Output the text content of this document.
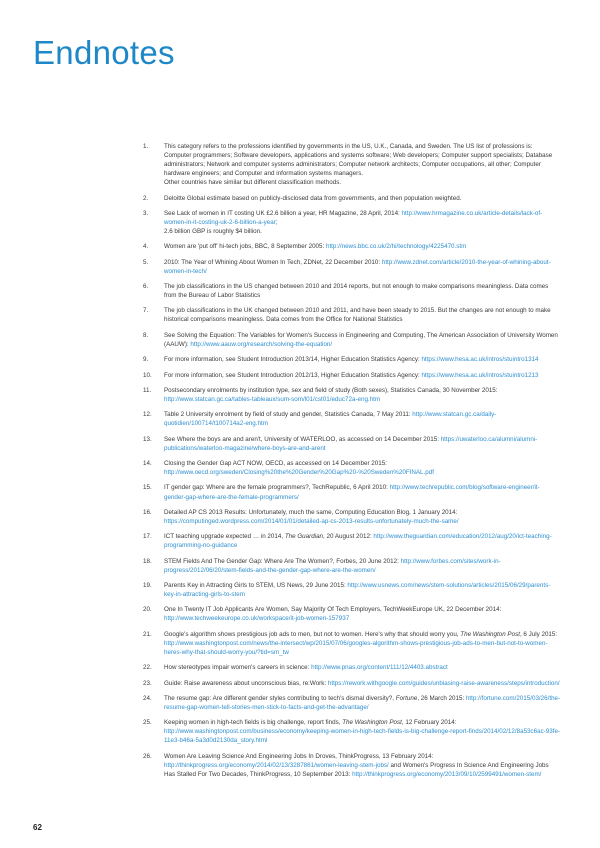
Endnotes
1.	This category refers to the professions identified by governments in the US, U.K., Canada, and Sweden. The US list of professions is: Computer programmers; Software developers, applications and systems software; Web developers; Computer support specialists; Database administrators; Network and computer systems administrators; Computer network architects; Computer occupations, all other; Computer hardware engineers; and Computer and information systems managers.
Other countries have similar but different classification methods.
2.	Deloitte Global estimate based on publicly-disclosed data from governments, and then population weighted.
3.	See Lack of women in IT costing UK £2.6 billion a year, HR Magazine, 28 April, 2014: http://www.hrmagazine.co.uk/article-details/lack-of-women-in-it-costing-uk-2-6-billion-a-year;
2.6 billion GBP is roughly $4 billion.
4.	Women are 'put off' hi-tech jobs, BBC, 8 September 2005: http://news.bbc.co.uk/2/hi/technology/4225470.stm
5.	2010: The Year of Whining About Women In Tech, ZDNet, 22 December 2010: http://www.zdnet.com/article/2010-the-year-of-whining-about-women-in-tech/
6.	The job classifications in the US changed between 2010 and 2014 reports, but not enough to make comparisons meaningless. Data comes from the Bureau of Labor Statistics
7.	The job classifications in the UK changed between 2010 and 2011, and have been steady to 2015. But the changes are not enough to make historical comparisons meaningless. Data comes from the Office for National Statistics
8.	See Solving the Equation: The Variables for Women's Success in Engineering and Computing, The American Association of University Women (AAUW): http://www.aauw.org/research/solving-the-equation/
9.	For more information, see Student Introduction 2013/14, Higher Education Statistics Agency: https://www.hesa.ac.uk/intros/stuintro1314
10.	For more information, see Student Introduction 2012/13, Higher Education Statistics Agency: https://www.hesa.ac.uk/intros/stuintro1213
11.	Postsecondary enrolments by institution type, sex and field of study (Both sexes), Statistics Canada, 30 November 2015: http://www.statcan.gc.ca/tables-tableaux/sum-som/l01/cst01/educ72a-eng.htm
12.	Table 2 University enrolment by field of study and gender, Statistics Canada, 7 May 2011: http://www.statcan.gc.ca/daily-quotidien/100714/t100714a2-eng.htm
13.	See Where the boys are and aren't, University of WATERLOO, as accessed on 14 December 2015: https://uwaterloo.ca/alumni/alumni-publications/waterloo-magazine/where-boys-are-and-arent
14.	Closing the Gender Gap ACT NOW, OECD, as accessed on 14 December 2015: http://www.oecd.org/sweden/Closing%20the%20Gender%20Gap%20-%20Sweden%20FINAL.pdf
15.	IT gender gap: Where are the female programmers?, TechRepublic, 6 April 2010: http://www.techrepublic.com/blog/software-engineer/it-gender-gap-where-are-the-female-programmers/
16.	Detailed AP CS 2013 Results: Unfortunately, much the same, Computing Education Blog, 1 January 2014: https://computinged.wordpress.com/2014/01/01/detailed-ap-cs-2013-results-unfortunately-much-the-same/
17.	ICT teaching upgrade expected … in 2014, The Guardian, 20 August 2012: http://www.theguardian.com/education/2012/aug/20/ict-teaching-programming-no-guidance
18.	STEM Fields And The Gender Gap: Where Are The Women?, Forbes, 20 June 2012: http://www.forbes.com/sites/work-in-progress/2012/06/20/stem-fields-and-the-gender-gap-where-are-the-women/
19.	Parents Key in Attracting Girls to STEM, US News, 29 June 2015: http://www.usnews.com/news/stem-solutions/articles/2015/06/29/parents-key-in-attracting-girls-to-stem
20.	One In Twenty IT Job Applicants Are Women, Say Majority Of Tech Employers, TechWeekEurope UK, 22 December 2014: http://www.techweekeurope.co.uk/workspace/it-job-women-157937
21.	Google's algorithm shows prestigious job ads to men, but not to women. Here's why that should worry you, The Washington Post, 6 July 2015: http://www.washingtonpost.com/news/the-intersect/wp/2015/07/06/googles-algorithm-shows-prestigious-job-ads-to-men-but-not-to-women-heres-why-that-should-worry-you/?tid=sm_tw
22.	How stereotypes impair women's careers in science: http://www.pnas.org/content/111/12/4403.abstract
23.	Guide: Raise awareness about unconscious bias, re:Work: https://rework.withgoogle.com/guides/unbiasing-raise-awareness/steps/introduction/
24.	The resume gap: Are different gender styles contributing to tech's dismal diversity?, Fortune, 26 March 2015: http://fortune.com/2015/03/26/the-resume-gap-women-tell-stories-men-stick-to-facts-and-get-the-advantage/
25.	Keeping women in high-tech fields is big challenge, report finds, The Washington Post, 12 February 2014: http://www.washingtonpost.com/business/economy/keeping-women-in-high-tech-fields-is-big-challenge-report-finds/2014/02/12/8a53c6ac-93fe-11e3-b46a-5a3d0d2130da_story.html
26.	Women Are Leaving Science And Engineering Jobs In Droves, ThinkProgress, 13 February 2014: http://thinkprogress.org/economy/2014/02/13/3287861/women-leaving-stem-jobs/ and Women's Progress In Science And Engineering Jobs Has Stalled For Two Decades, ThinkProgress, 10 September 2013: http://thinkprogress.org/economy/2013/09/10/2599491/women-stem/
62
